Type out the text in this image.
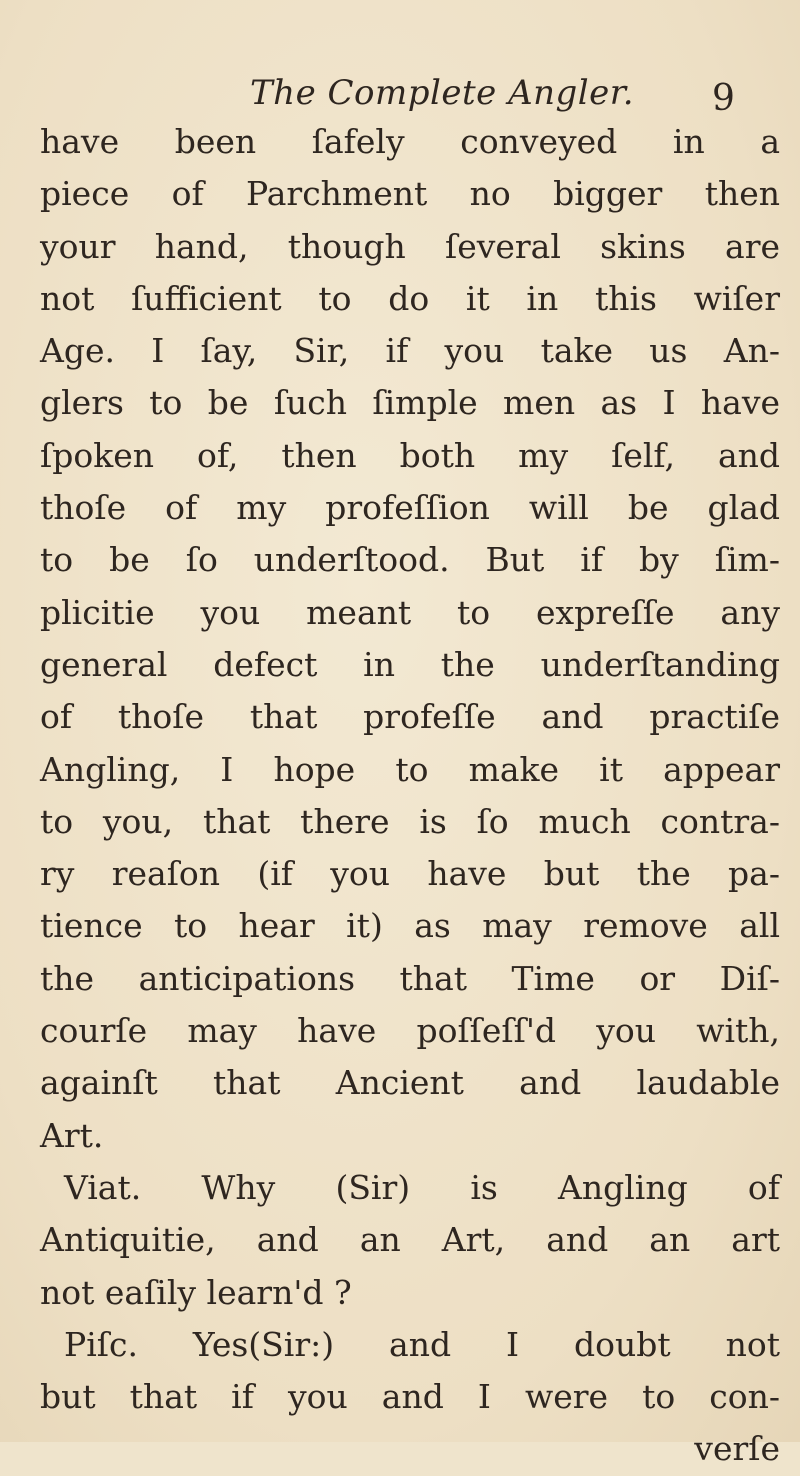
The Complete Angler. 9
have been ſafely conveyed in a
piece of Parchment no bigger then
your hand, though ſeveral skins are
not ſufficient to do it in this wiſer
Age. I ſay, Sir, if you take us An-
glers to be ſuch ſimple men as I have
ſpoken of, then both my ſelf, and
thoſe of my profeſſion will be glad
to be ſo underſtood. But if by ſim-
plicitie you meant to expreſſe any
general defect in the underſtanding
of thoſe that profeſſe and practiſe
Angling, I hope to make it appear
to you, that there is ſo much contra-
ry reaſon (if you have but the pa-
tience to hear it) as may remove all
the anticipations that Time or Diſ-
courſe may have poſſeſſ'd you with,
againſt that Ancient and laudable
Art.
Viat. Why (Sir) is Angling of
Antiquitie, and an Art, and an art
not eaſily learn'd ?
Piſc. Yes(Sir:) and I doubt not
but that if you and I were to con-
verſe
